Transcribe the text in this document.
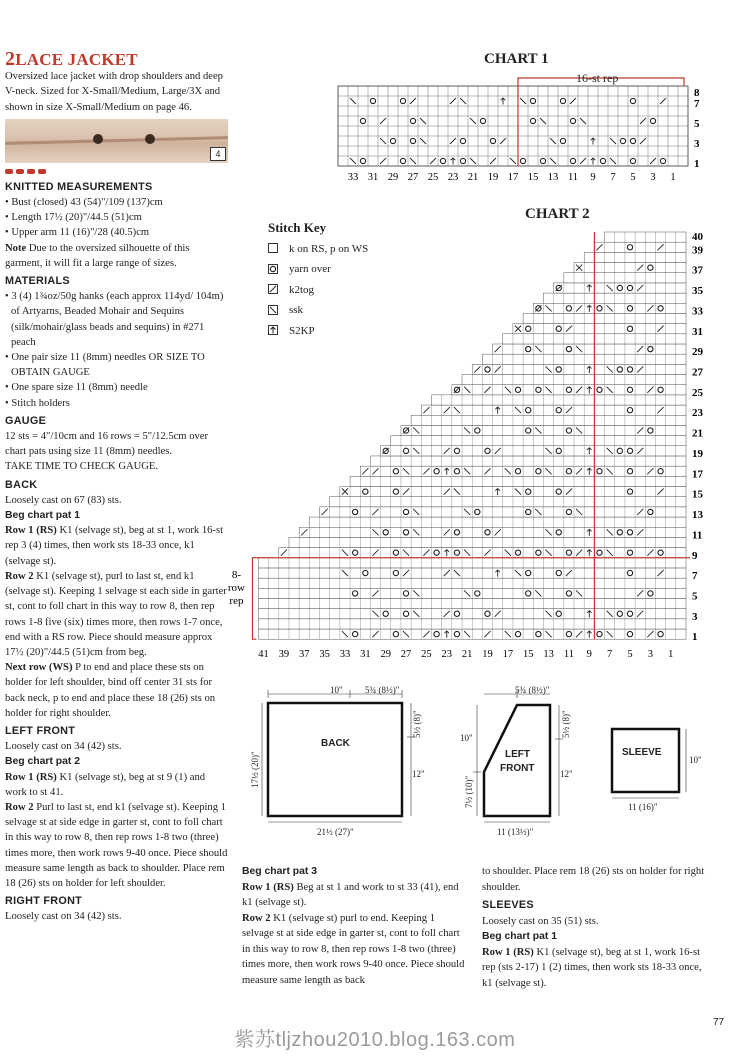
2LACE JACKET

Oversized lace jacket with drop shoulders and deep V-neck. Sized for X-Small/Medium, Large/3X and shown in size X-Small/Medium on page 46.

4
KNITTED MEASUREMENTS

• Bust (closed) 43 (54)"/109 (137)cm

• Length 17½ (20)"/44.5 (51)cm

• Upper arm 11 (16)"/28 (40.5)cm

Note Due to the oversized silhouette of this garment, it will fit a large range of sizes.

MATERIALS

• 3 (4) 1¾oz/50g hanks (each approx 114yd/ 104m) of Artyarns, Beaded Mohair and Sequins (silk/mohair/glass beads and sequins) in #271 peach

• One pair size 11 (8mm) needles OR SIZE TO OBTAIN GAUGE

• One spare size 11 (8mm) needle

• Stitch holders

GAUGE

12 sts = 4"/10cm and 16 rows = 5"/12.5cm over chart pats using size 11 (8mm) needles.

TAKE TIME TO CHECK GAUGE.

BACK

Loosely cast on 67 (83) sts.

Beg chart pat 1

Row 1 (RS) K1 (selvage st), beg at st 1, work 16-st rep 3 (4) times, then work sts 18-33 once, k1 (selvage st).

Row 2 K1 (selvage st), purl to last st, end k1 (selvage st). Keeping 1 selvage st each side in garter st, cont to foll chart in this way to row 8, then rep rows 1-8 five (six) times more, then rows 1-7 once, end with a RS row. Piece should measure approx 17½ (20)"/44.5 (51)cm from beg.

Next row (WS) P to end and place these sts on holder for left shoulder, bind off center 31 sts for back neck, p to end and place these 18 (26) sts on holder for right shoulder.

LEFT FRONT

Loosely cast on 34 (42) sts.

Beg chart pat 2

Row 1 (RS) K1 (selvage st), beg at st 9 (1) and work to st 41.

Row 2 Purl to last st, end k1 (selvage st). Keeping 1 selvage st at side edge in garter st, cont to foll chart in this way to row 8, then rep rows 1-8 two (three) times more, then work rows 9-40 once. Piece should measure same length as back to shoulder. Place rem 18 (26) sts on holder for left shoulder.

RIGHT FRONT

Loosely cast on 34 (42) sts.

CHART 1
CHART 2
16-st rep
8
7
5
3
1
33 31 29 27 25 23 21 19 17 15 13 11 9 7 5 3 1
8-
row
rep
40
39
37
35
33
31
29
27
25
23
21
19
17
15
13
11
9
7
5
3
1
41 39 37 35 33 31 29 27 25 23 21 19 17 15 13 11 9 7 5 3 1
Stitch Key
k on RS, p on WS
yarn over
k2tog
ssk
S2KP
10" 5¾ (8½)"
5½ (8)"
12"
17½ (20)"
21½ (27)"
BACK
5¾ (8½)"
5½ (8)"
12"
10"
7½ (10)"
11 (13½)"
LEFT
FRONT
10"
11 (16)"
SLEEVE
Beg chart pat 3

Row 1 (RS) Beg at st 1 and work to st 33 (41), end k1 (selvage st).

Row 2 K1 (selvage st) purl to end. Keeping 1 selvage st at side edge in garter st, cont to foll chart in this way to row 8, then rep rows 1-8 two (three) times more, then work rows 9-40 once. Piece should measure same length as back

to shoulder. Place rem 18 (26) sts on holder for right shoulder.

SLEEVES

Loosely cast on 35 (51) sts.

Beg chart pat 1

Row 1 (RS) K1 (selvage st), beg at st 1, work 16-st rep (sts 2-17) 1 (2) times, then work sts 18-33 once, k1 (selvage st).

紫苏tljzhou2010.blog.163.com
77
